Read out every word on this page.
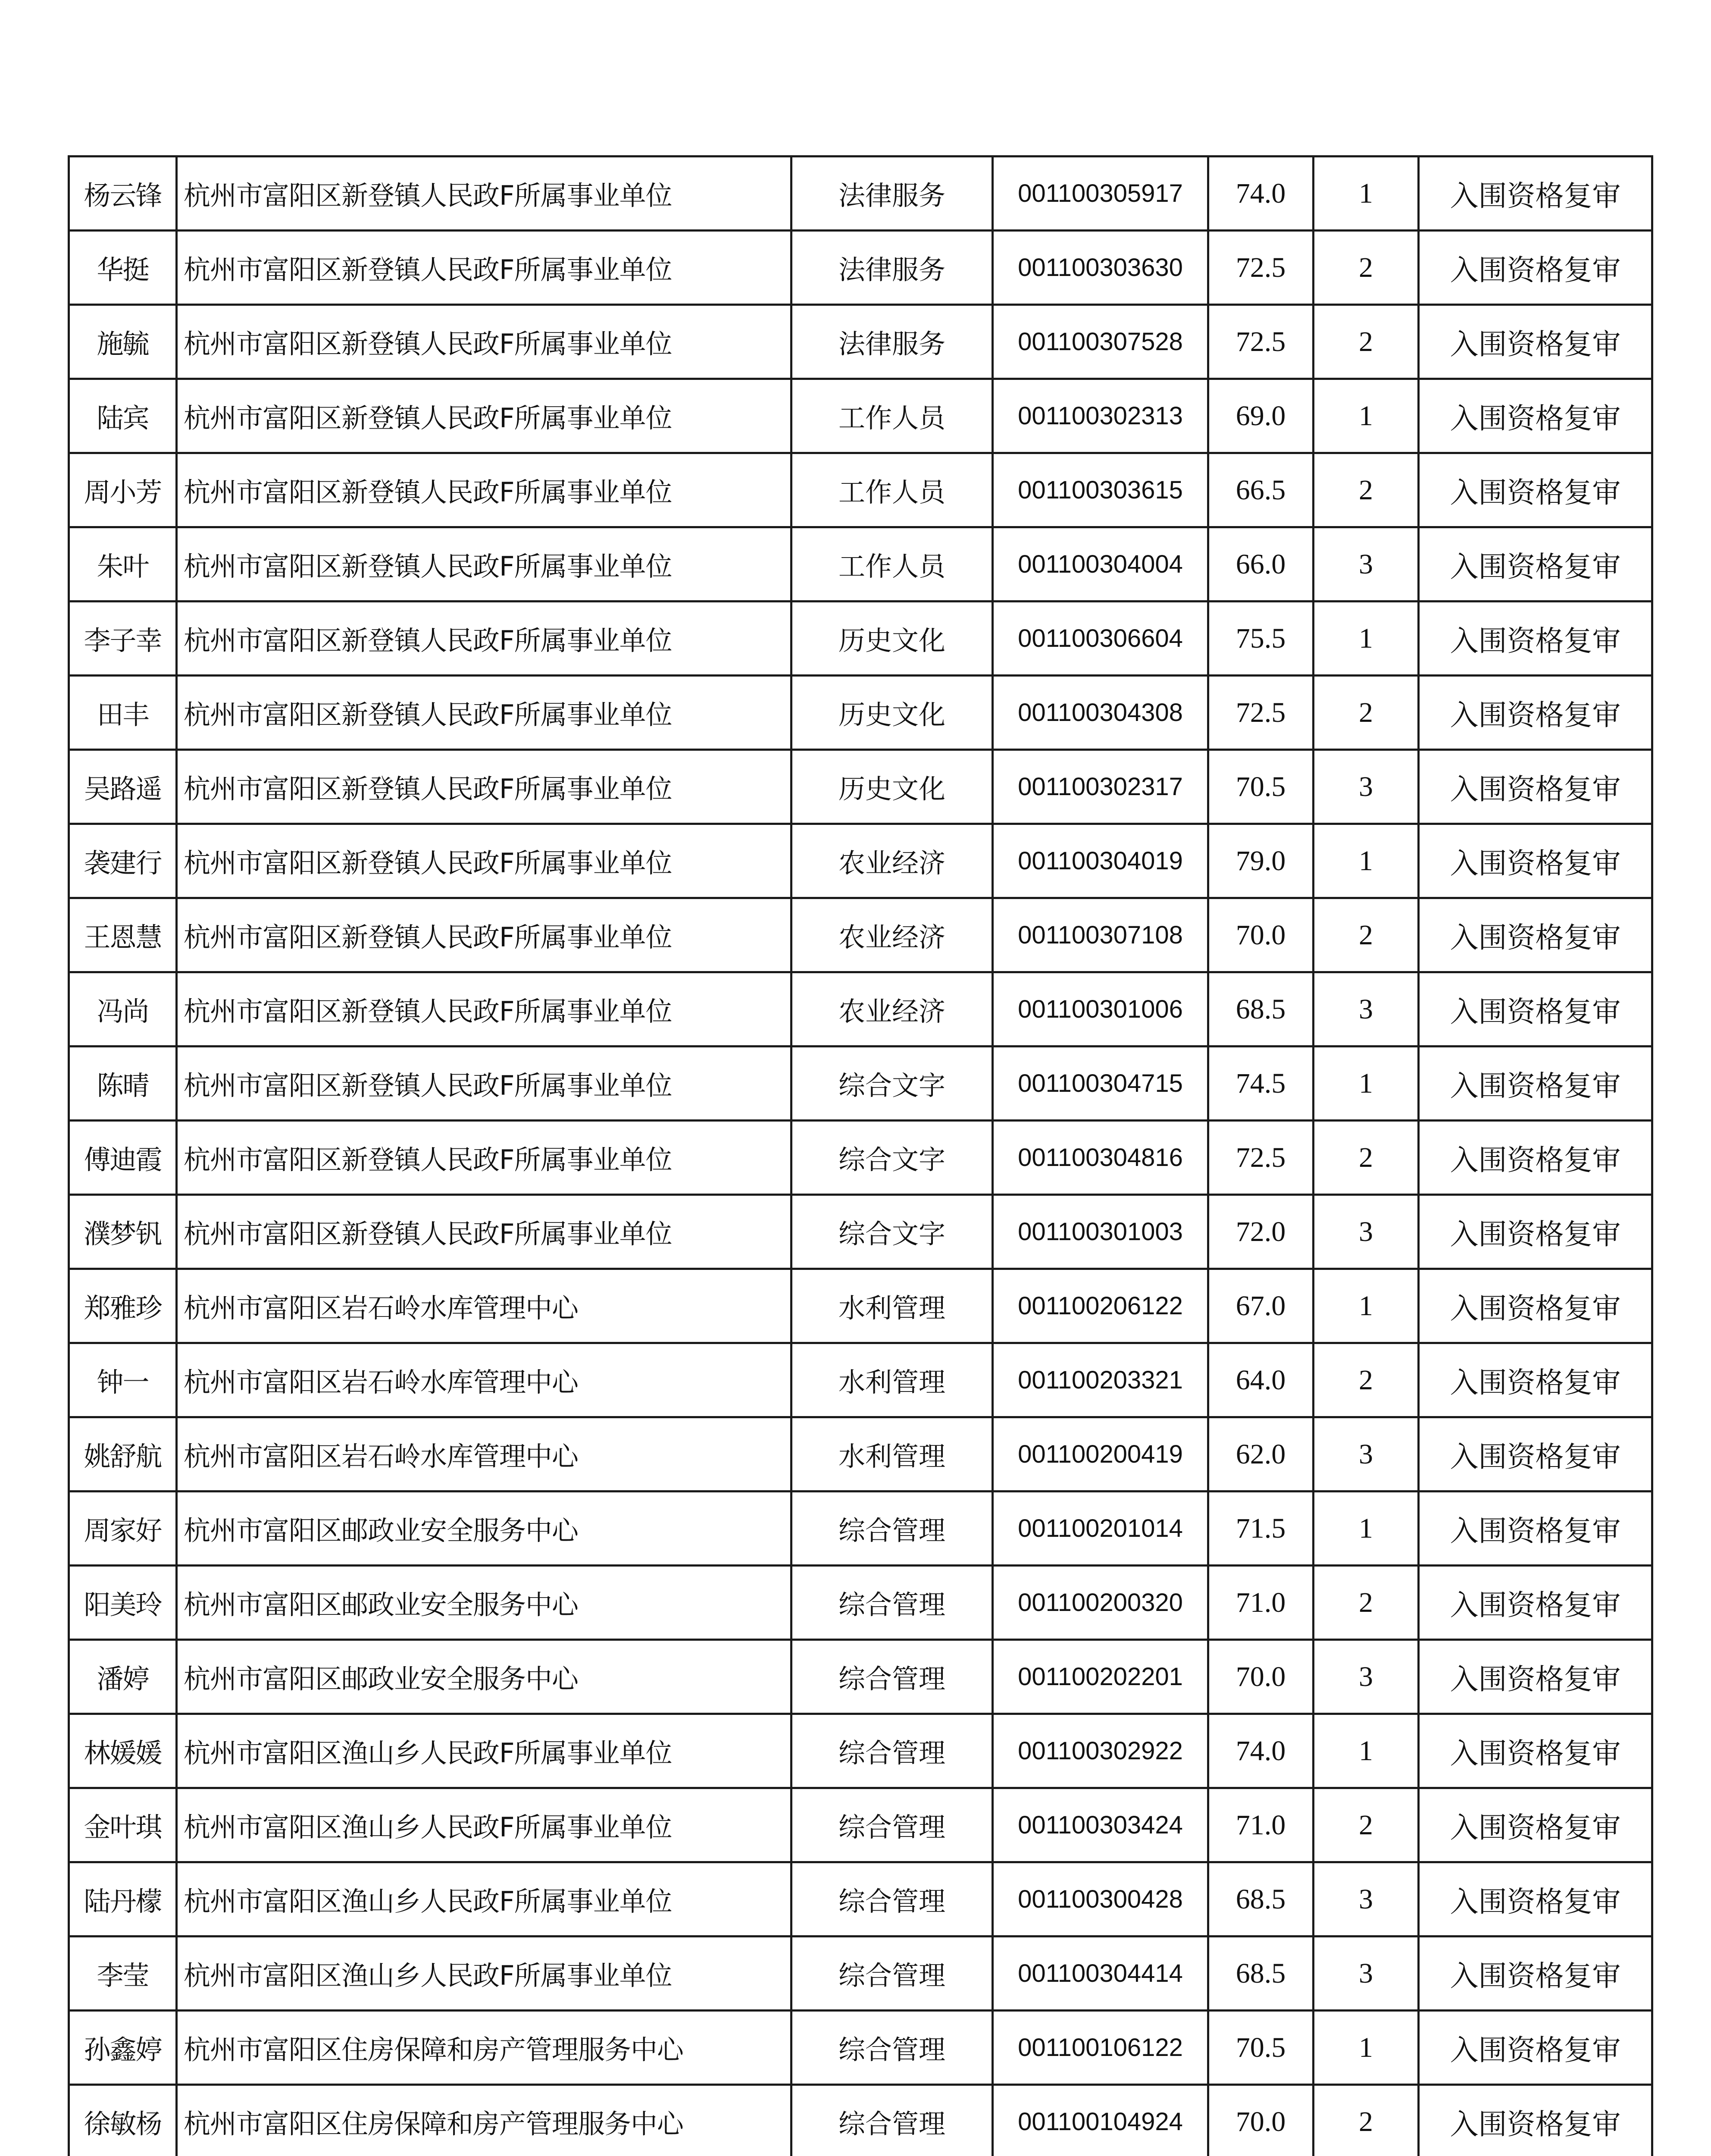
杨云锋	杭州市富阳区新登镇人民政F所属事业单位	法律服务	001100305917	74.0	1	入围资格复审
华挺	杭州市富阳区新登镇人民政F所属事业单位	法律服务	001100303630	72.5	2	入围资格复审
施毓	杭州市富阳区新登镇人民政F所属事业单位	法律服务	001100307528	72.5	2	入围资格复审
陆宾	杭州市富阳区新登镇人民政F所属事业单位	工作人员	001100302313	69.0	1	入围资格复审
周小芳	杭州市富阳区新登镇人民政F所属事业单位	工作人员	001100303615	66.5	2	入围资格复审
朱叶	杭州市富阳区新登镇人民政F所属事业单位	工作人员	001100304004	66.0	3	入围资格复审
李子幸	杭州市富阳区新登镇人民政F所属事业单位	历史文化	001100306604	75.5	1	入围资格复审
田丰	杭州市富阳区新登镇人民政F所属事业单位	历史文化	001100304308	72.5	2	入围资格复审
吴路遥	杭州市富阳区新登镇人民政F所属事业单位	历史文化	001100302317	70.5	3	入围资格复审
袭建行	杭州市富阳区新登镇人民政F所属事业单位	农业经济	001100304019	79.0	1	入围资格复审
王恩慧	杭州市富阳区新登镇人民政F所属事业单位	农业经济	001100307108	70.0	2	入围资格复审
冯尚	杭州市富阳区新登镇人民政F所属事业单位	农业经济	001100301006	68.5	3	入围资格复审
陈晴	杭州市富阳区新登镇人民政F所属事业单位	综合文字	001100304715	74.5	1	入围资格复审
傅迪霞	杭州市富阳区新登镇人民政F所属事业单位	综合文字	001100304816	72.5	2	入围资格复审
濮梦钒	杭州市富阳区新登镇人民政F所属事业单位	综合文字	001100301003	72.0	3	入围资格复审
郑雅珍	杭州市富阳区岩石岭水库管理中心	水利管理	001100206122	67.0	1	入围资格复审
钟一	杭州市富阳区岩石岭水库管理中心	水利管理	001100203321	64.0	2	入围资格复审
姚舒航	杭州市富阳区岩石岭水库管理中心	水利管理	001100200419	62.0	3	入围资格复审
周家好	杭州市富阳区邮政业安全服务中心	综合管理	001100201014	71.5	1	入围资格复审
阳美玲	杭州市富阳区邮政业安全服务中心	综合管理	001100200320	71.0	2	入围资格复审
潘婷	杭州市富阳区邮政业安全服务中心	综合管理	001100202201	70.0	3	入围资格复审
林媛媛	杭州市富阳区渔山乡人民政F所属事业单位	综合管理	001100302922	74.0	1	入围资格复审
金叶琪	杭州市富阳区渔山乡人民政F所属事业单位	综合管理	001100303424	71.0	2	入围资格复审
陆丹檬	杭州市富阳区渔山乡人民政F所属事业单位	综合管理	001100300428	68.5	3	入围资格复审
李莹	杭州市富阳区渔山乡人民政F所属事业单位	综合管理	001100304414	68.5	3	入围资格复审
孙鑫婷	杭州市富阳区住房保障和房产管理服务中心	综合管理	001100106122	70.5	1	入围资格复审
徐敏杨	杭州市富阳区住房保障和房产管理服务中心	综合管理	001100104924	70.0	2	入围资格复审
